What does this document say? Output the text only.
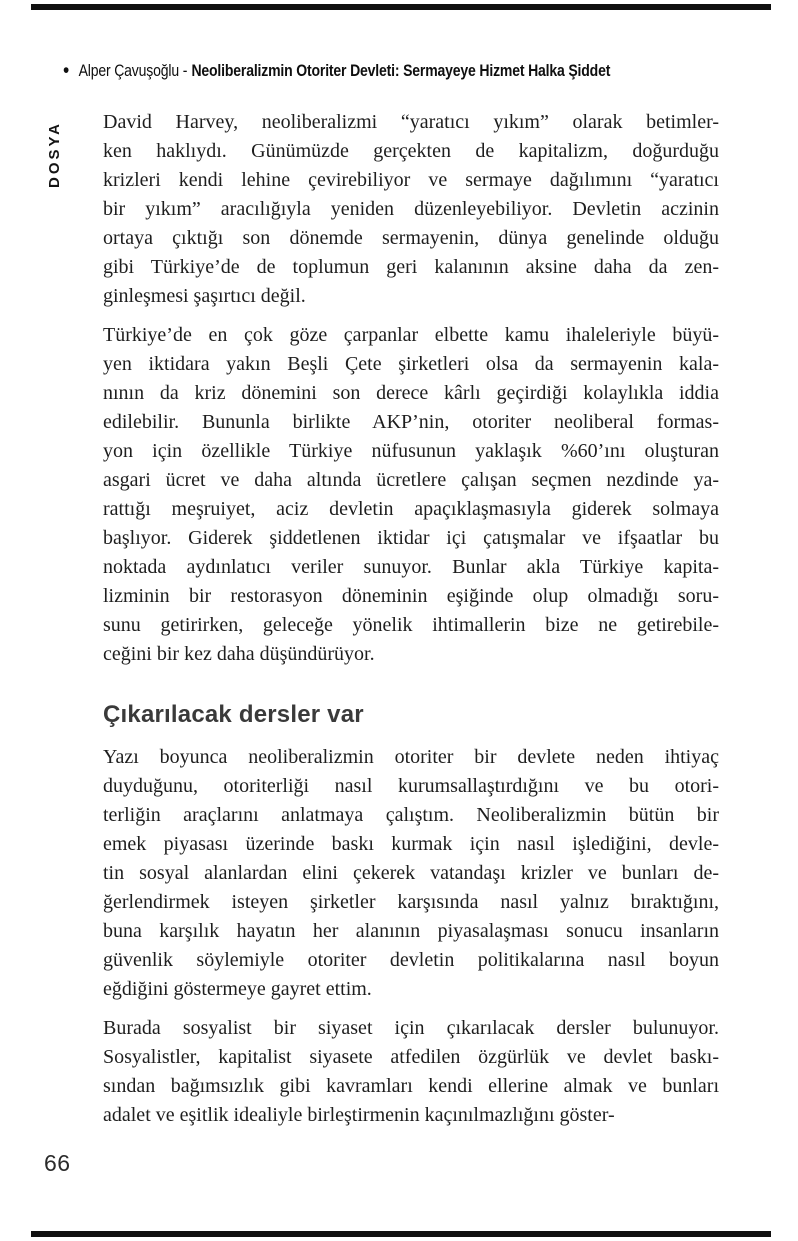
• Alper Çavuşoğlu - Neoliberalizmin Otoriter Devleti: Sermayeye Hizmet Halka Şiddet
DOSYA David Harvey, neoliberalizmi “yaratıcı yıkım” olarak betimler-
ken haklıydı. Günümüzde gerçekten de kapitalizm, doğurduğu
krizleri kendi lehine çevirebiliyor ve sermaye dağılımını “yaratıcı
bir yıkım” aracılığıyla yeniden düzenleyebiliyor. Devletin aczinin
ortaya çıktığı son dönemde sermayenin, dünya genelinde olduğu
gibi Türkiye’de de toplumun geri kalanının aksine daha da zen-
ginleşmesi şaşırtıcı değil.
Türkiye’de en çok göze çarpanlar elbette kamu ihaleleriyle büyü-
yen iktidara yakın Beşli Çete şirketleri olsa da sermayenin kala-
nının da kriz dönemini son derece kârlı geçirdiği kolaylıkla iddia
edilebilir. Bununla birlikte AKP’nin, otoriter neoliberal formas-
yon için özellikle Türkiye nüfusunun yaklaşık %60’ını oluşturan
asgari ücret ve daha altında ücretlere çalışan seçmen nezdinde ya-
rattığı meşruiyet, aciz devletin apaçıklaşmasıyla giderek solmaya
başlıyor. Giderek şiddetlenen iktidar içi çatışmalar ve ifşaatlar bu
noktada aydınlatıcı veriler sunuyor. Bunlar akla Türkiye kapita-
lizminin bir restorasyon döneminin eşiğinde olup olmadığı soru-
sunu getirirken, geleceğe yönelik ihtimallerin bize ne getirebile-
ceğini bir kez daha düşündürüyor.
Çıkarılacak dersler var
Yazı boyunca neoliberalizmin otoriter bir devlete neden ihtiyaç
duyduğunu, otoriterliği nasıl kurumsallaştırdığını ve bu otori-
terliğin araçlarını anlatmaya çalıştım. Neoliberalizmin bütün bir
emek piyasası üzerinde baskı kurmak için nasıl işlediğini, devle-
tin sosyal alanlardan elini çekerek vatandaşı krizler ve bunları de-
ğerlendirmek isteyen şirketler karşısında nasıl yalnız bıraktığını,
buna karşılık hayatın her alanının piyasalaşması sonucu insanların
güvenlik söylemiyle otoriter devletin politikalarına nasıl boyun
eğdiğini göstermeye gayret ettim.
Burada sosyalist bir siyaset için çıkarılacak dersler bulunuyor.
Sosyalistler, kapitalist siyasete atfedilen özgürlük ve devlet baskı-
sından bağımsızlık gibi kavramları kendi ellerine almak ve bunları
adalet ve eşitlik idealiyle birleştirmenin kaçınılmazlığını göster-
66
